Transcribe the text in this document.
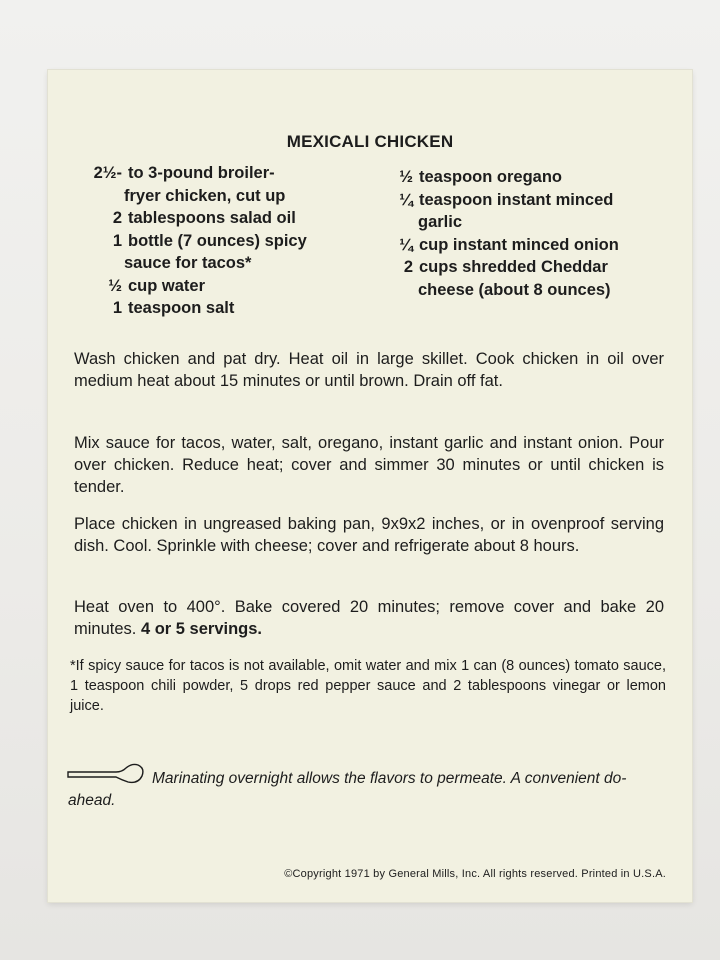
MEXICALI CHICKEN
2½- to 3-pound broiler-
fryer chicken, cut up
2 tablespoons salad oil
1 bottle (7 ounces) spicy
sauce for tacos*
½ cup water
1 teaspoon salt
½ teaspoon oregano
¼ teaspoon instant minced
garlic
¼ cup instant minced onion
2 cups shredded Cheddar
cheese (about 8 ounces)

Wash chicken and pat dry. Heat oil in large skillet. Cook chicken in oil over medium heat about 15 minutes or until brown. Drain off fat.

Mix sauce for tacos, water, salt, oregano, instant garlic and instant onion. Pour over chicken. Reduce heat; cover and simmer 30 minutes or until chicken is tender.

Place chicken in ungreased baking pan, 9x9x2 inches, or in ovenproof serving dish. Cool. Sprinkle with cheese; cover and refrigerate about 8 hours.

Heat oven to 400°. Bake covered 20 minutes; remove cover and bake 20 minutes. 4 or 5 servings.

*If spicy sauce for tacos is not available, omit water and mix 1 can (8 ounces) tomato sauce, 1 teaspoon chili powder, 5 drops red pepper sauce and 2 tablespoons vinegar or lemon juice.

Marinating overnight allows the flavors to permeate. A convenient do-ahead.

©Copyright 1971 by General Mills, Inc. All rights reserved. Printed in U.S.A.
